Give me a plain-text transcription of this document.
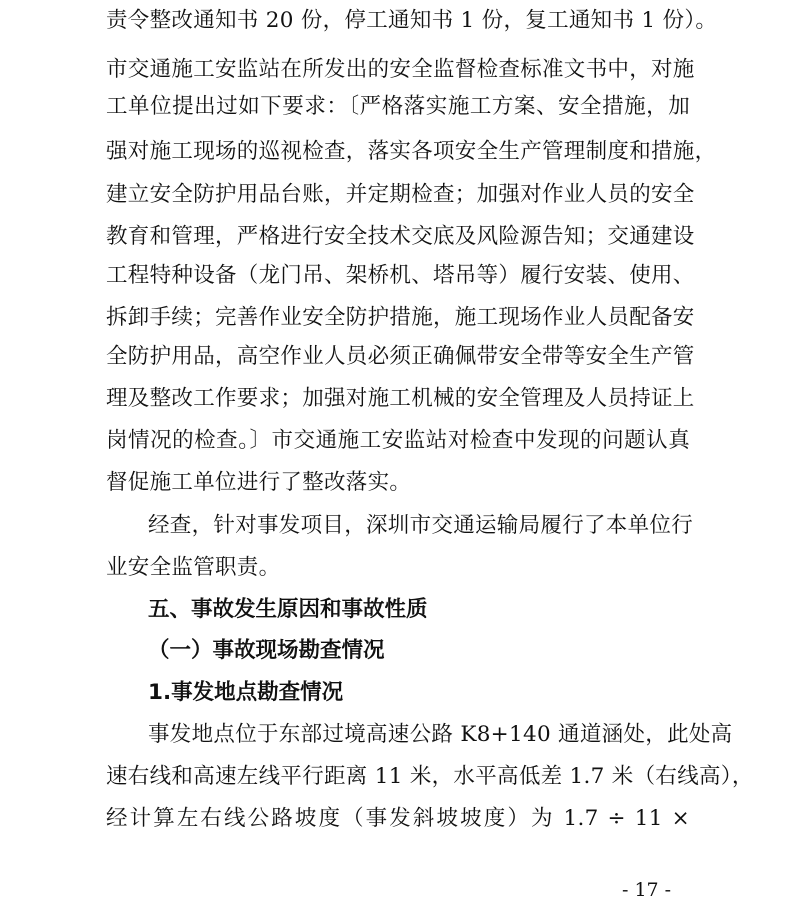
责令整改通知书 20 份，停工通知书 1 份，复工通知书 1 份）。
市交通施工安监站在所发出的安全监督检查标准文书中，对施
工单位提出过如下要求：〔严格落实施工方案、安全措施，加
强对施工现场的巡视检查，落实各项安全生产管理制度和措施，
建立安全防护用品台账，并定期检查；加强对作业人员的安全
教育和管理，严格进行安全技术交底及风险源告知；交通建设
工程特种设备（龙门吊、架桥机、塔吊等）履行安装、使用、
拆卸手续；完善作业安全防护措施，施工现场作业人员配备安
全防护用品，高空作业人员必须正确佩带安全带等安全生产管
理及整改工作要求；加强对施工机械的安全管理及人员持证上
岗情况的检查。〕市交通施工安监站对检查中发现的问题认真
督促施工单位进行了整改落实。
经查，针对事发项目，深圳市交通运输局履行了本单位行
业安全监管职责。
五、事故发生原因和事故性质
（一）事故现场勘查情况
1.事发地点勘查情况
事发地点位于东部过境高速公路 K8+140 通道涵处，此处高
速右线和高速左线平行距离 11 米，水平高低差 1.7 米（右线高），
经计算左右线公路坡度（事发斜坡坡度）为 1.7 ÷ 11 ×
- 17 -
